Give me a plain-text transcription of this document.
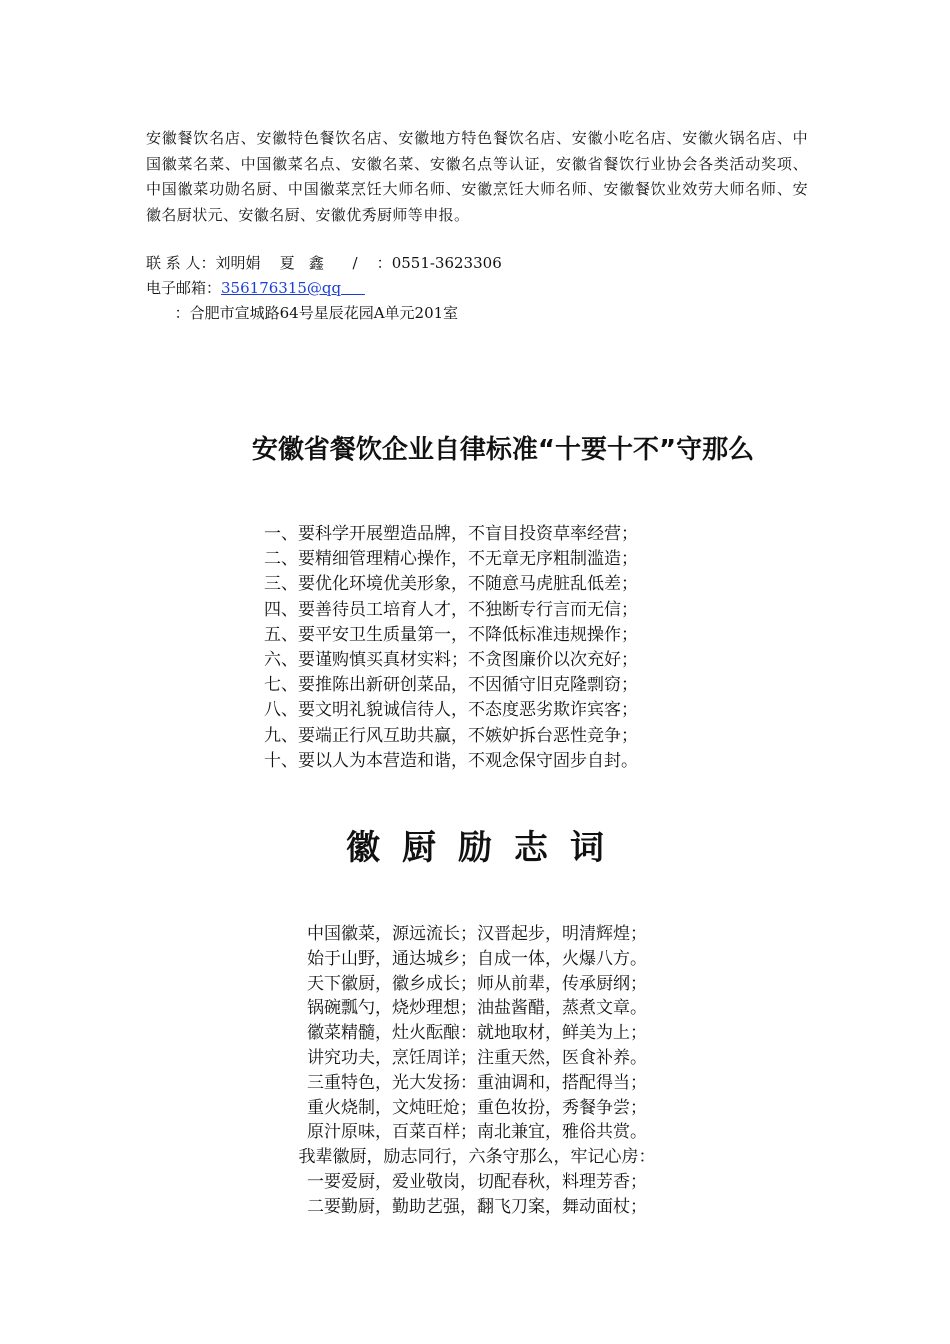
安徽餐饮名店、安徽特色餐饮名店、安徽地方特色餐饮名店、安徽小吃名店、安徽火锅名店、中国徽菜名菜、中国徽菜名点、安徽名菜、安徽名点等认证，安徽省餐饮行业协会各类活动奖项、中国徽菜功勋名厨、中国徽菜烹饪大师名师、安徽烹饪大师名师、安徽餐饮业效劳大师名师、安徽名厨状元、安徽名厨、安徽优秀厨师等申报。

联 系 人：刘明娟    夏   鑫      /    ：0551-3623306
电子邮箱：356176315@qq
：合肥市宣城路64号星辰花园A单元201室
安徽省餐饮企业自律标准“十要十不”守那么
一、要科学开展塑造品牌，不盲目投资草率经营；
二、要精细管理精心操作，不无章无序粗制滥造；
三、要优化环境优美形象，不随意马虎脏乱低差；
四、要善待员工培育人才，不独断专行言而无信；
五、要平安卫生质量第一，不降低标准违规操作；
六、要谨购慎买真材实料；不贪图廉价以次充好；
七、要推陈出新研创菜品，不因循守旧克隆剽窃；
八、要文明礼貌诚信待人，不态度恶劣欺诈宾客；
九、要端正行风互助共赢，不嫉妒拆台恶性竞争；
十、要以人为本营造和谐，不观念保守固步自封。
徽厨励志词
中国徽菜，源远流长；汉晋起步，明清辉煌；
始于山野，通达城乡；自成一体，火爆八方。
天下徽厨，徽乡成长；师从前辈，传承厨纲；
锅碗瓢勺，烧炒理想；油盐酱醋，蒸煮文章。
徽菜精髓，灶火酝酿：就地取材，鲜美为上；
讲究功夫，烹饪周详；注重天然，医食补养。
三重特色，光大发扬：重油调和，搭配得当；
重火烧制，文炖旺炝；重色妆扮，秀餐争尝；
原汁原味，百菜百样；南北兼宜，雅俗共赏。
我辈徽厨，励志同行，六条守那么，牢记心房：
一要爱厨，爱业敬岗，切配春秋，料理芳香；
二要勤厨，勤助艺强，翻飞刀案，舞动面杖；
